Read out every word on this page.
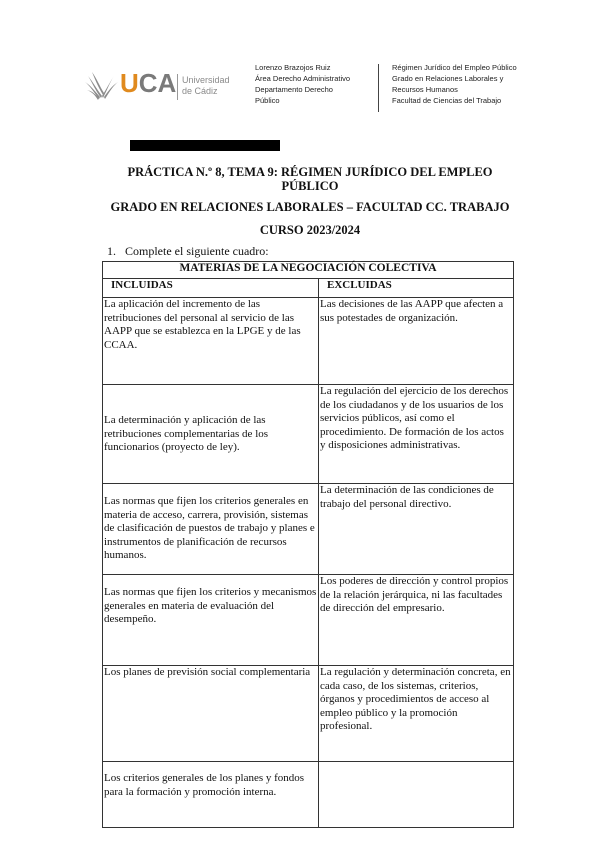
UCA Universidad
de Cádiz
Lorenzo Brazojos Ruiz
Área Derecho Administrativo
Departamento Derecho
Público
Régimen Jurídico del Empleo Público
Grado en Relaciones Laborales y
Recursos Humanos
Facultad de Ciencias del Trabajo
PRÁCTICA N.º 8, TEMA 9: RÉGIMEN JURÍDICO DEL EMPLEO
PÚBLICO
GRADO EN RELACIONES LABORALES – FACULTAD CC. TRABAJO
CURSO 2023/2024
1. Complete el siguiente cuadro:
MATERIAS DE LA NEGOCIACIÓN COLECTIVA	
INCLUIDAS	EXCLUIDAS
La aplicación del incremento de las retribuciones del personal al servicio de las AAPP que se establezca en la LPGE y de las CCAA.	Las decisiones de las AAPP que afecten a sus potestades de organización.
La determinación y aplicación de las retribuciones complementarias de los funcionarios (proyecto de ley).	La regulación del ejercicio de los derechos de los ciudadanos y de los usuarios de los servicios públicos, así como el procedimiento. De formación de los actos y disposiciones administrativas.
Las normas que fijen los criterios generales en materia de acceso, carrera, provisión, sistemas de clasificación de puestos de trabajo y planes e instrumentos de planificación de recursos humanos.	La determinación de las condiciones de trabajo del personal directivo.
Las normas que fijen los criterios y mecanismos generales en materia de evaluación del desempeño.	Los poderes de dirección y control propios de la relación jerárquica, ni las facultades de dirección del empresario.
Los planes de previsión social complementaria	La regulación y determinación concreta, en cada caso, de los sistemas, criterios, órganos y procedimientos de acceso al empleo público y la promoción profesional.
Los criterios generales de los planes y fondos para la formación y promoción interna.	
